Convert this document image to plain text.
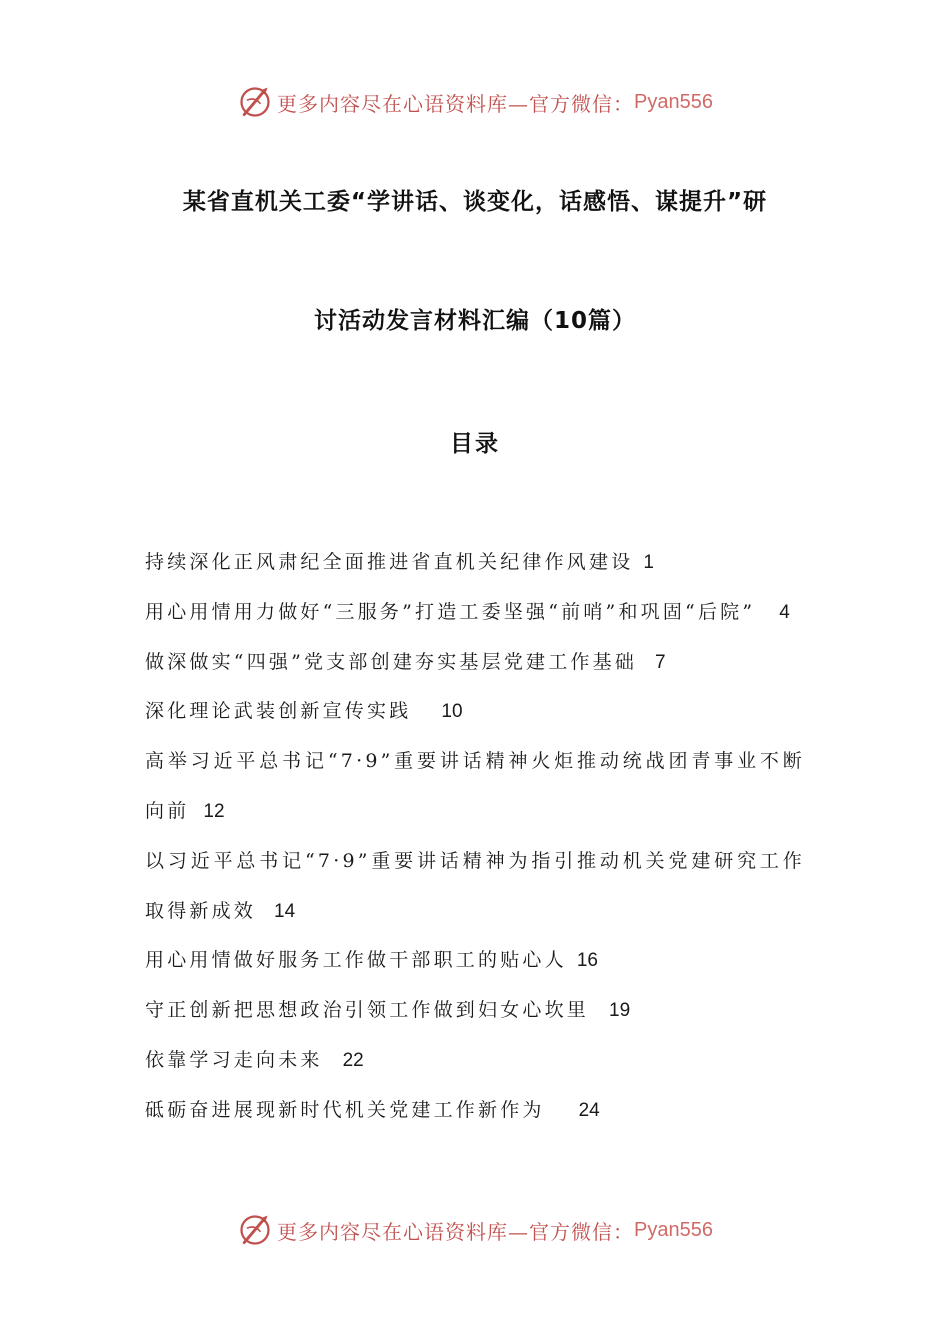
更多内容尽在心语资料库—官方微信： Pyan556
某省直机关工委“学讲话、谈变化，话感悟、谋提升”研
讨活动发言材料汇编（10篇）
目录
持续深化正风肃纪全面推进省直机关纪律作风建设 1
用心用情用力做好“三服务”打造工委坚强“前哨”和巩固“后院” 4
做深做实“四强”党支部创建夯实基层党建工作基础 7
深化理论武装创新宣传实践 10
高举习近平总书记“7·9”重要讲话精神火炬推动统战团青事业不断向前 12
以习近平总书记“7·9”重要讲话精神为指引推动机关党建研究工作取得新成效 14
用心用情做好服务工作做干部职工的贴心人 16
守正创新把思想政治引领工作做到妇女心坎里 19
依靠学习走向未来 22
砥砺奋进展现新时代机关党建工作新作为 24
更多内容尽在心语资料库—官方微信： Pyan556
